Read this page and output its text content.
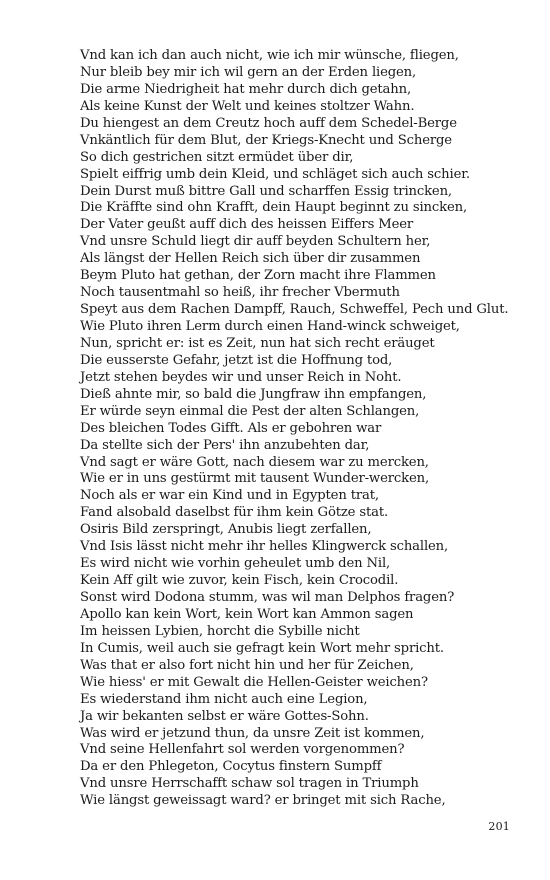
Vnd kan ich dan auch nicht, wie ich mir wünsche, fliegen,
Nur bleib bey mir ich wil gern an der Erden liegen,
Die arme Niedrigheit hat mehr durch dich getahn,
Als keine Kunst der Welt und keines stoltzer Wahn.
Du hiengest an dem Creutz hoch auff dem Schedel-Berge
Vnkäntlich für dem Blut, der Kriegs-Knecht und Scherge
So dich gestrichen sitzt ermüdet über dir,
Spielt eiffrig umb dein Kleid, und schläget sich auch schier.
Dein Durst muß bittre Gall und scharffen Essig trincken,
Die Kräffte sind ohn Krafft, dein Haupt beginnt zu sincken,
Der Vater geußt auff dich des heissen Eiffers Meer
Vnd unsre Schuld liegt dir auff beyden Schultern her,
Als längst der Hellen Reich sich über dir zusammen
Beym Pluto hat gethan, der Zorn macht ihre Flammen
Noch tausentmahl so heiß, ihr frecher Vbermuth
Speyt aus dem Rachen Dampff, Rauch, Schweffel, Pech und Glut.
Wie Pluto ihren Lerm durch einen Hand-winck schweiget,
Nun, spricht er: ist es Zeit, nun hat sich recht eräuget
Die eusserste Gefahr, jetzt ist die Hoffnung tod,
Jetzt stehen beydes wir und unser Reich in Noht.
Dieß ahnte mir, so bald die Jungfraw ihn empfangen,
Er würde seyn einmal die Pest der alten Schlangen,
Des bleichen Todes Gifft. Als er gebohren war
Da stellte sich der Pers' ihn anzubehten dar,
Vnd sagt er wäre Gott, nach diesem war zu mercken,
Wie er in uns gestürmt mit tausent Wunder-wercken,
Noch als er war ein Kind und in Egypten trat,
Fand alsobald daselbst für ihm kein Götze stat.
Osiris Bild zerspringt, Anubis liegt zerfallen,
Vnd Isis lässt nicht mehr ihr helles Klingwerck schallen,
Es wird nicht wie vorhin geheulet umb den Nil,
Kein Aff gilt wie zuvor, kein Fisch, kein Crocodil.
Sonst wird Dodona stumm, was wil man Delphos fragen?
Apollo kan kein Wort, kein Wort kan Ammon sagen
Im heissen Lybien, horcht die Sybille nicht
In Cumis, weil auch sie gefragt kein Wort mehr spricht.
Was that er also fort nicht hin und her für Zeichen,
Wie hiess' er mit Gewalt die Hellen-Geister weichen?
Es wiederstand ihm nicht auch eine Legion,
Ja wir bekanten selbst er wäre Gottes-Sohn.
Was wird er jetzund thun, da unsre Zeit ist kommen,
Vnd seine Hellenfahrt sol werden vorgenommen?
Da er den Phlegeton, Cocytus finstern Sumpff
Vnd unsre Herrschafft schaw sol tragen in Triumph
Wie längst geweissagt ward? er bringet mit sich Rache,
201
